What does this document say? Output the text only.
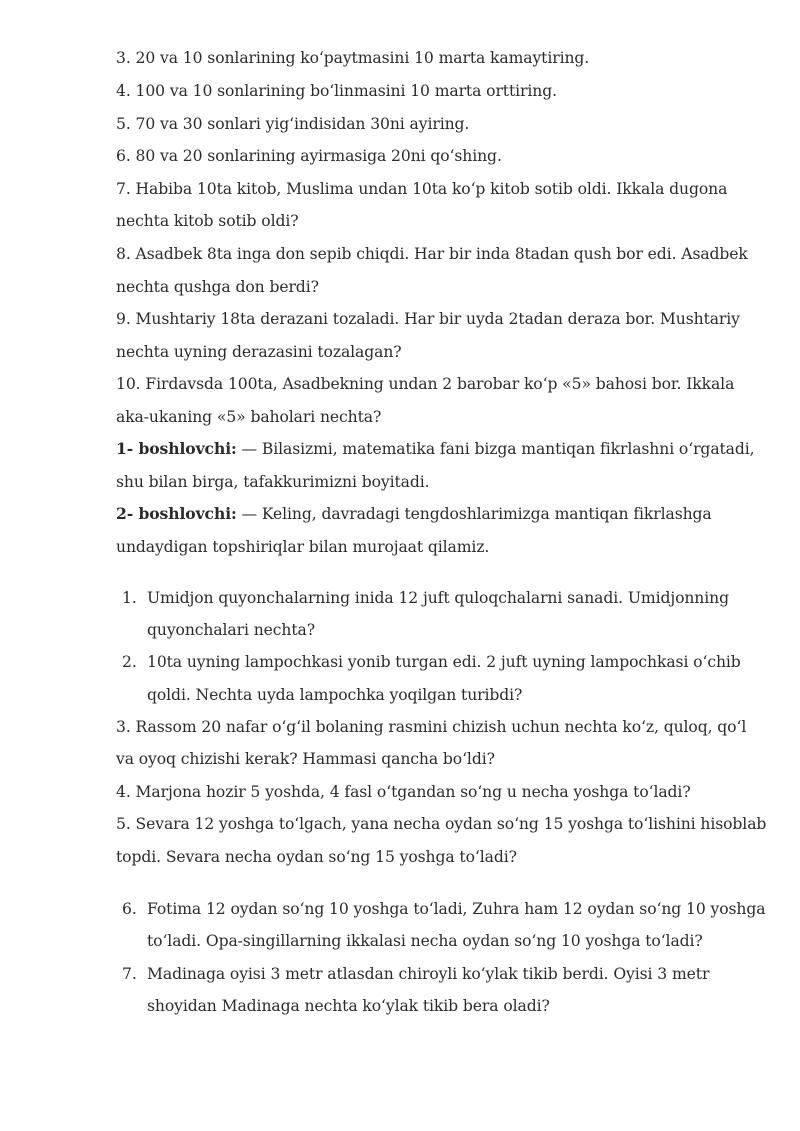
3. 20 va 10 sonlarining ko‘paytmasini 10 marta kamaytiring.

4. 100 va 10 sonlarining bo‘linmasini 10 marta orttiring.

5. 70 va 30 sonlari yig‘indisidan 30ni ayiring.

6. 80 va 20 sonlarining ayirmasiga 20ni qo‘shing.

7. Habiba 10ta kitob, Muslima undan 10ta ko‘p kitob sotib oldi. Ikkala dugona

nechta kitob sotib oldi?

8. Asadbek 8ta inga don sepib chiqdi. Har bir inda 8tadan qush bor edi. Asadbek

nechta qushga don berdi?

9. Mushtariy 18ta derazani tozaladi. Har bir uyda 2tadan deraza bor. Mushtariy

nechta uyning derazasini tozalagan?

10. Firdavsda 100ta, Asadbekning undan 2 barobar ko‘p «5» bahosi bor. Ikkala

aka-ukaning «5» baholari nechta?

1- boshlovchi: — Bilasizmi, matematika fani bizga mantiqan fikrlashni o‘rgatadi,

shu bilan birga, tafakkurimizni boyitadi.

2- boshlovchi: — Keling, davradagi tengdoshlarimizga mantiqan fikrlashga

undaydigan topshiriqlar bilan murojaat qilamiz.

1. Umidjon quyonchalarning inida 12 juft quloqchalarni sanadi. Umidjonning

quyonchalari nechta?

2. 10ta uyning lampochkasi yonib turgan edi. 2 juft uyning lampochkasi o‘chib

qoldi. Nechta uyda lampochka yoqilgan turibdi?

3. Rassom 20 nafar o‘g‘il bolaning rasmini chizish uchun nechta ko‘z, quloq, qo‘l

va oyoq chizishi kerak? Hammasi qancha bo‘ldi?

4. Marjona hozir 5 yoshda, 4 fasl o‘tgandan so‘ng u necha yoshga to‘ladi?

5. Sevara 12 yoshga to‘lgach, yana necha oydan so‘ng 15 yoshga to‘lishini hisoblab

topdi. Sevara necha oydan so‘ng 15 yoshga to‘ladi?

6. Fotima 12 oydan so‘ng 10 yoshga to‘ladi, Zuhra ham 12 oydan so‘ng 10 yoshga

to‘ladi. Opa-singillarning ikkalasi necha oydan so‘ng 10 yoshga to‘ladi?

7. Madinaga oyisi 3 metr atlasdan chiroyli ko‘ylak tikib berdi. Oyisi 3 metr

shoyidan Madinaga nechta ko‘ylak tikib bera oladi?
